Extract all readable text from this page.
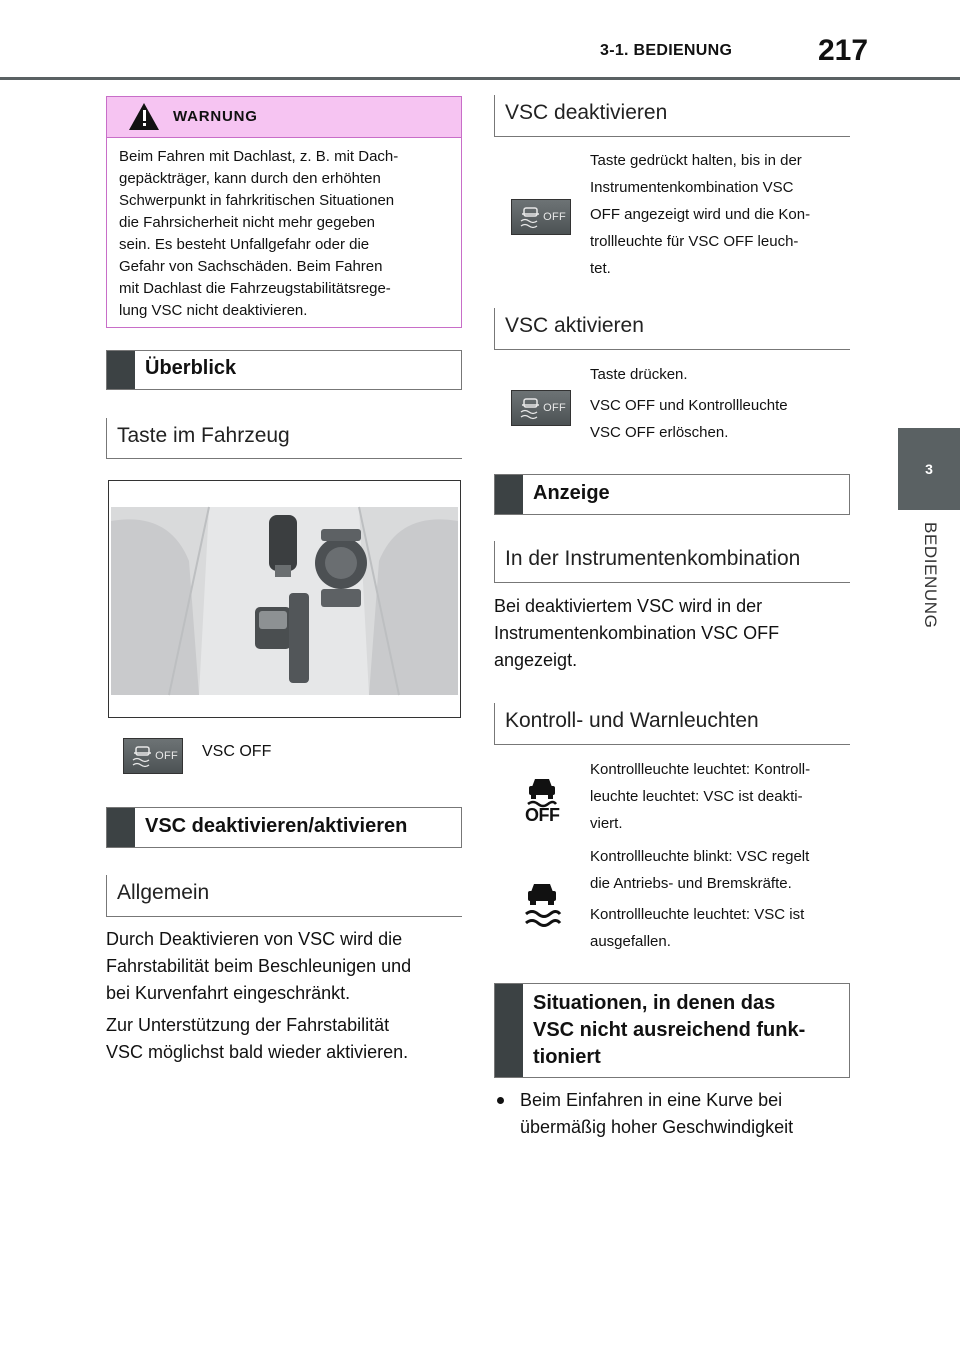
3-1. BEDIENUNG	217
3
BEDIENUNG
WARNUNG
Beim Fahren mit Dachlast, z. B. mit Dach-
gepäckträger, kann durch den erhöhten
Schwerpunkt in fahrkritischen Situationen
die Fahrsicherheit nicht mehr gegeben
sein. Es besteht Unfallgefahr oder die
Gefahr von Sachschäden. Beim Fahren
mit Dachlast die Fahrzeugstabilitätsrege-
lung VSC nicht deaktivieren.
Überblick
Taste im Fahrzeug
OFF VSC OFF
VSC deaktivieren/aktivieren
Allgemein
Durch Deaktivieren von VSC wird die
Fahrstabilität beim Beschleunigen und
bei Kurvenfahrt eingeschränkt.
Zur Unterstützung der Fahrstabilität
VSC möglichst bald wieder aktivieren.
VSC deaktivieren
OFF
Taste gedrückt halten, bis in der
Instrumentenkombination VSC
OFF angezeigt wird und die Kon-
trollleuchte für VSC OFF leuch-
tet.
VSC aktivieren
OFF
Taste drücken.
VSC OFF und Kontrollleuchte
VSC OFF erlöschen.
Anzeige
In der Instrumentenkombination
Bei deaktiviertem VSC wird in der
Instrumentenkombination VSC OFF
angezeigt.
Kontroll- und Warnleuchten
OFF
Kontrollleuchte leuchtet: Kontroll-
leuchte leuchtet: VSC ist deakti-
viert.
Kontrollleuchte blinkt: VSC regelt
die Antriebs- und Bremskräfte.
Kontrollleuchte leuchtet: VSC ist
ausgefallen.
Situationen, in denen das
VSC nicht ausreichend funk-
tioniert
Beim Einfahren in eine Kurve bei
übermäßig hoher Geschwindigkeit
